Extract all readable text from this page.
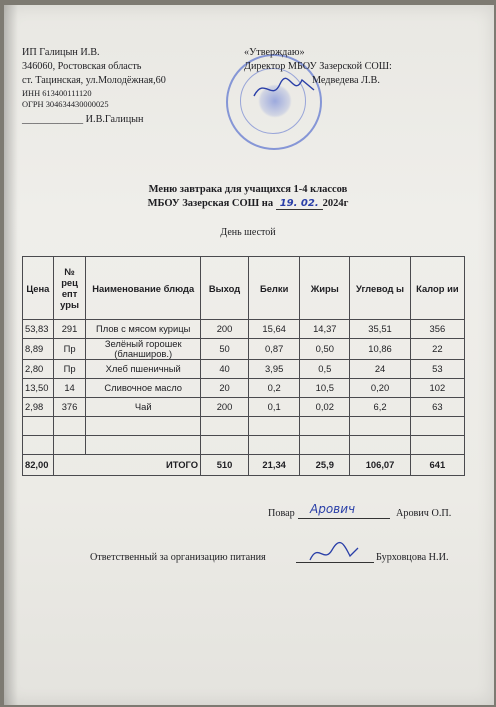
ИП Галицын И.В.
346060, Ростовская область
ст. Тацинская, ул.Молодёжная,60
ИНН 613400111120
ОГРН 304634430000025
____________ И.В.Галицын
«Утверждаю»
Директор МБОУ Зазерской СОШ:
Медведева Л.В.
Меню завтрака для учащихся 1-4 классов
МБОУ Зазерская СОШ на 19. 02. 2024г
День шестой
Цена	№ рец епт уры	Наименование блюда	Выход	Белки	Жиры	Углевод ы	Калор ии
53,83	291	Плов с мясом курицы	200	15,64	14,37	35,51	356
8,89	Пр	Зелёный горошек (бланширов.)	50	0,87	0,50	10,86	22
2,80	Пр	Хлеб пшеничный	40	3,95	0,5	24	53
13,50	14	Сливочное масло	20	0,2	10,5	0,20	102
2,98	376	Чай	200	0,1	0,02	6,2	63

82,00	ИТОГО		510	21,34	25,9	106,07	641
Повар Арович	Арович О.П.
Ответственный за организацию питания	Бурховцова Н.И.
